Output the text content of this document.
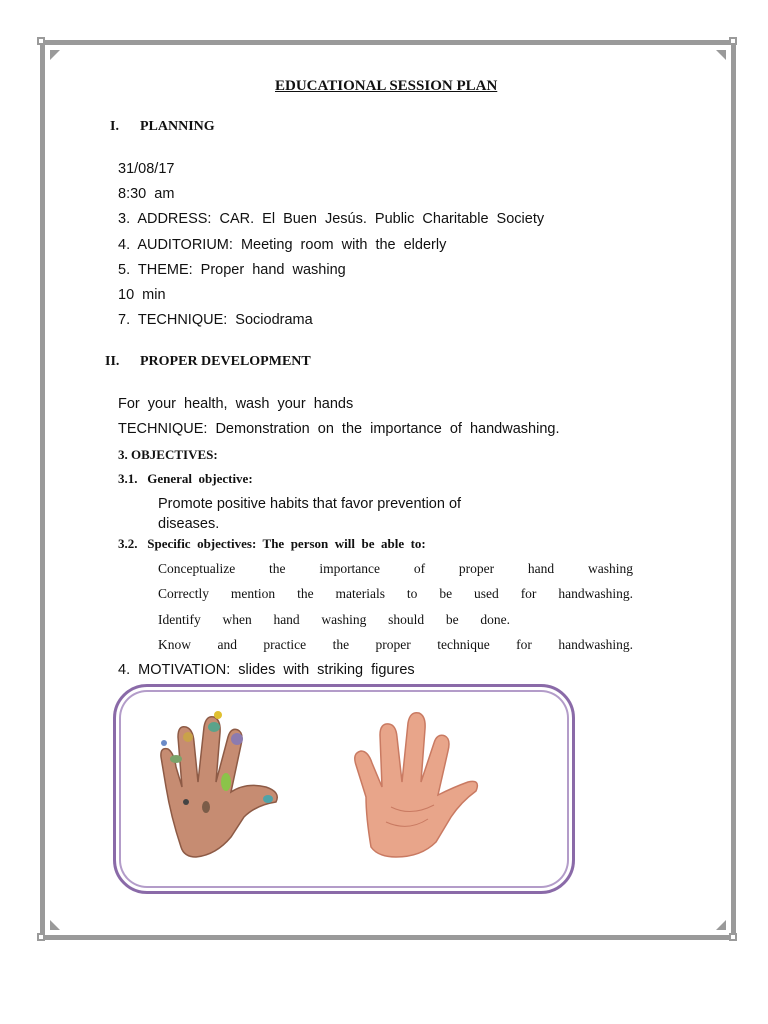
EDUCATIONAL SESSION PLAN
I. PLANNING
31/08/17
8:30 am
3. ADDRESS: CAR. El Buen Jesús. Public Charitable Society
4. AUDITORIUM: Meeting room with the elderly
5. THEME: Proper hand washing
10 min
7. TECHNIQUE: Sociodrama
II. PROPER DEVELOPMENT
For your health, wash your hands
TECHNIQUE: Demonstration on the importance of handwashing.
3. OBJECTIVES:
3.1.   General  objective:
Promote positive habits that favor prevention of
diseases.
3.2.   Specific  objectives:  The  person  will  be  able  to:
Conceptualize	the	importance	of	proper	hand	washing
Correctly mention the materials to be used for handwashing.
Identify when hand washing should be done.
Know and practice the proper technique for handwashing.
4. MOTIVATION: slides with striking figures
